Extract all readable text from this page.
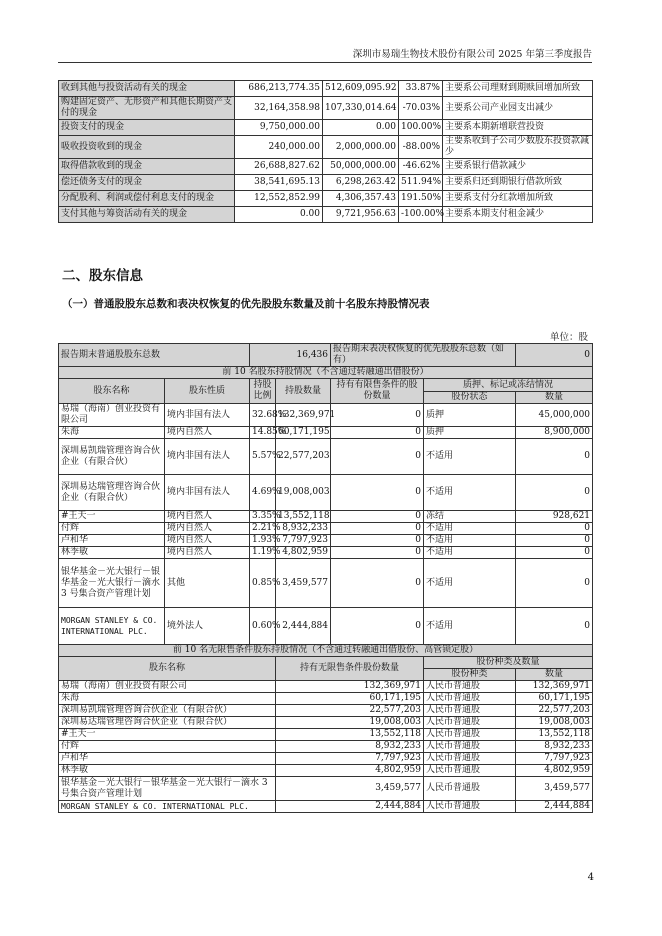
深圳市易瑞生物技术股份有限公司 2025 年第三季度报告
收到其他与投资活动有关的现金	686,213,774.35	512,609,095.92	33.87%	主要系公司理财到期赎回增加所致
购建固定资产、无形资产和其他长期资产支付的现金	32,164,358.98	107,330,014.64	-70.03%	主要系公司产业园支出减少
投资支付的现金	9,750,000.00	0.00	100.00%	主要系本期新增联营投资
吸收投资收到的现金	240,000.00	2,000,000.00	-88.00%	主要系收到子公司少数股东投资款减少
取得借款收到的现金	26,688,827.62	50,000,000.00	-46.62%	主要系银行借款减少
偿还债务支付的现金	38,541,695.13	6,298,263.42	511.94%	主要系归还到期银行借款所致
分配股利、利润或偿付利息支付的现金	12,552,852.99	4,306,357.43	191.50%	主要系支付分红款增加所致
支付其他与筹资活动有关的现金	0.00	9,721,956.63	-100.00%	主要系本期支付租金减少
二、股东信息
（一）普通股股东总数和表决权恢复的优先股股东数量及前十名股东持股情况表
单位：股
报告期末普通股股东总数		16,436		报告期末表决权恢复的优先股股东总数（如有）		0
前 10 名股东持股情况（不含通过转融通出借股份）						
股东名称	股东性质	持股比例	持股数量	持有有限售条件的股份数量	质押、标记或冻结情况	
					股份状态	数量
易瑞（海南）创业投资有限公司	境内非国有法人	32.68%	132,369,971	0	质押	45,000,000
朱海	境内自然人	14.85%	60,171,195	0	质押	8,900,000
深圳易凯瑞管理咨询合伙企业（有限合伙）	境内非国有法人	5.57%	22,577,203	0	不适用	0
深圳易达瑞管理咨询合伙企业（有限合伙）	境内非国有法人	4.69%	19,008,003	0	不适用	0
#王天一	境内自然人	3.35%	13,552,118	0	冻结	928,621
付辉	境内自然人	2.21%	8,932,233	0	不适用	0
卢和华	境内自然人	1.93%	7,797,923	0	不适用	0
林季敏	境内自然人	1.19%	4,802,959	0	不适用	0
银华基金－光大银行－银华基金－光大银行－滴水 3 号集合资产管理计划	其他	0.85%	3,459,577	0	不适用	0
MORGAN STANLEY & CO. INTERNATIONAL PLC.	境外法人	0.60%	2,444,884	0	不适用	0
前 10 名无限售条件股东持股情况（不含通过转融通出借股份、高管锁定股）						
股东名称			持有无限售条件股份数量		股份种类及数量	
					股份种类	数量
易瑞（海南）创业投资有限公司			132,369,971		人民币普通股	132,369,971
朱海			60,171,195		人民币普通股	60,171,195
深圳易凯瑞管理咨询合伙企业（有限合伙）			22,577,203		人民币普通股	22,577,203
深圳易达瑞管理咨询合伙企业（有限合伙）			19,008,003		人民币普通股	19,008,003
#王天一			13,552,118		人民币普通股	13,552,118
付辉			8,932,233		人民币普通股	8,932,233
卢和华			7,797,923		人民币普通股	7,797,923
林季敏			4,802,959		人民币普通股	4,802,959
银华基金－光大银行－银华基金－光大银行－滴水 3 号集合资产管理计划			3,459,577		人民币普通股	3,459,577
MORGAN STANLEY & CO. INTERNATIONAL PLC.			2,444,884		人民币普通股	2,444,884
4
